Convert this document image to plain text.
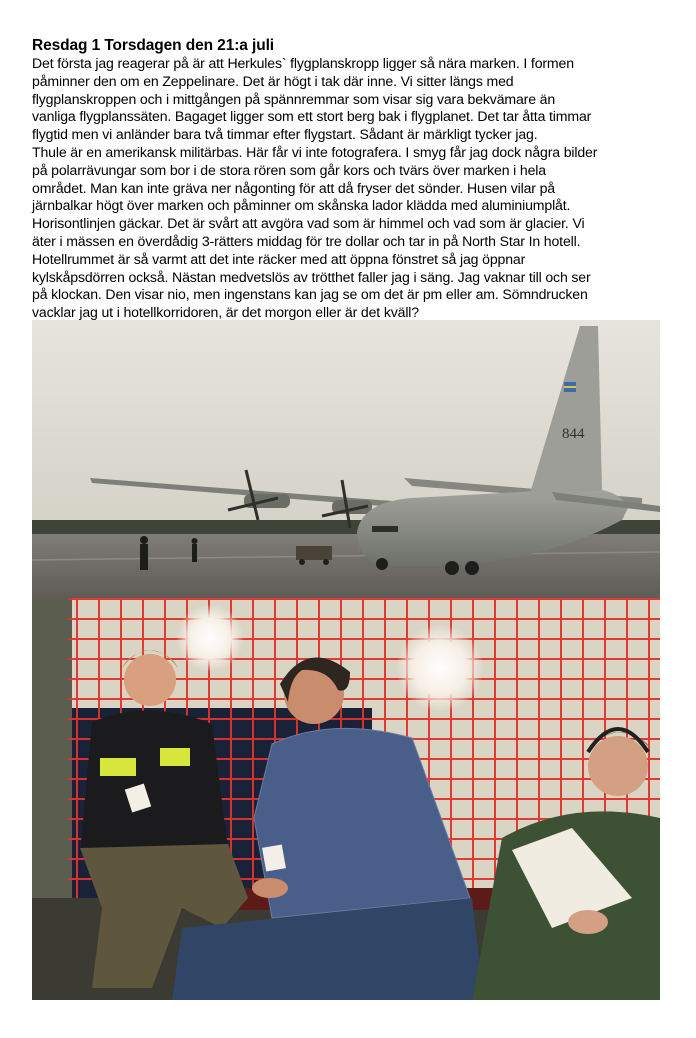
Resdag 1 Torsdagen den 21:a juli
Det första jag reagerar på är att Herkules` flygplanskropp ligger så nära marken. I formen
påminner den om en Zeppelinare. Det är högt i tak där inne. Vi sitter längs med
flygplanskroppen och i mittgången på spännremmar som visar sig vara bekvämare än
vanliga flygplanssäten. Bagaget ligger som ett stort berg bak i flygplanet. Det tar åtta timmar
flygtid men vi anländer bara två timmar efter flygstart. Sådant är märkligt tycker jag.
Thule är en amerikansk militärbas. Här får vi inte fotografera. I smyg får jag dock några bilder
på polarrävungar som bor i de stora rören som går kors och tvärs över marken i hela
området. Man kan inte gräva ner någonting för att då fryser det sönder. Husen vilar på
järnbalkar högt över marken och påminner om skånska lador klädda med aluminiumplåt.
Horisontlinjen gäckar. Det är svårt att avgöra vad som är himmel och vad som är glacier. Vi
äter i mässen en överdådig 3-rätters middag för tre dollar och tar in på North Star In hotell.
Hotellrummet är så varmt att det inte räcker med att öppna fönstret så jag öppnar
kylskåpsdörren också. Nästan medvetslös av trötthet faller jag i säng. Jag vaknar till och ser
på klockan. Den visar nio, men ingenstans kan jag se om det är pm eller am. Sömndrucken
vacklar jag ut i hotellkorridoren, är det morgon eller är det kväll?
844
